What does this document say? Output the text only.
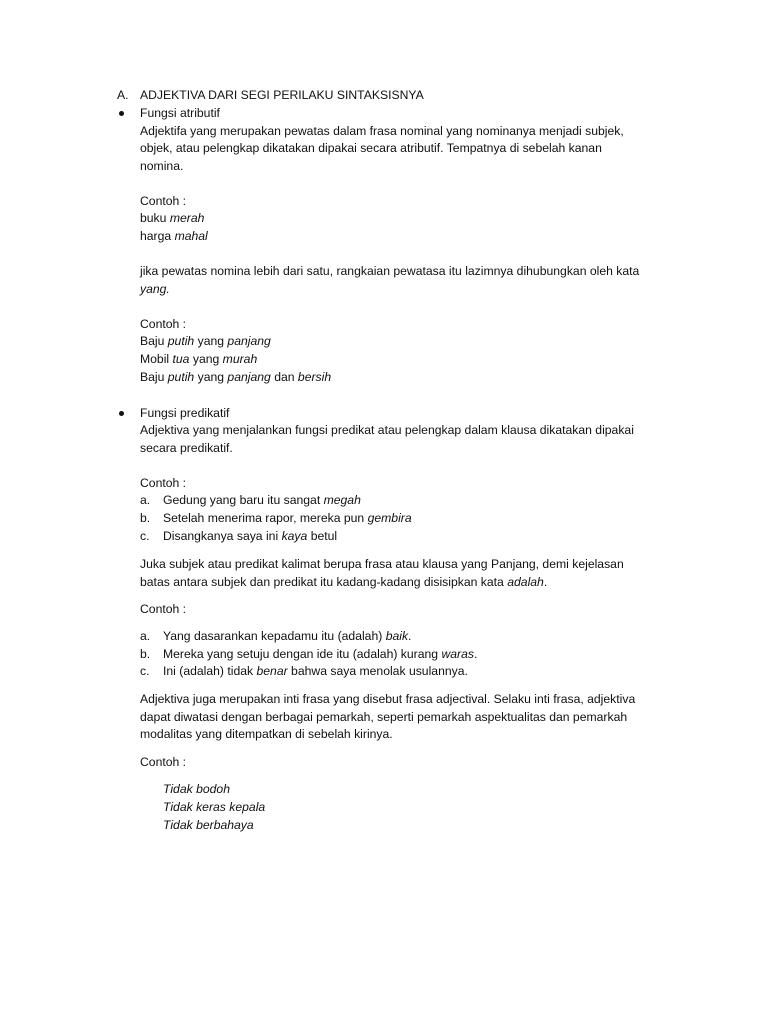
A. ADJEKTIVA DARI SEGI PERILAKU SINTAKSISNYA
Fungsi atributif
Adjektifa yang merupakan pewatas dalam frasa nominal yang nominanya menjadi subjek,
objek, atau pelengkap dikatakan dipakai secara atributif. Tempatnya di sebelah kanan
nomina.
Contoh :
buku merah
harga mahal
jika pewatas nomina lebih dari satu, rangkaian pewatasa itu lazimnya dihubungkan oleh kata
yang.
Contoh :
Baju putih yang panjang
Mobil tua yang murah
Baju putih yang panjang dan bersih
Fungsi predikatif
Adjektiva yang menjalankan fungsi predikat atau pelengkap dalam klausa dikatakan dipakai
secara predikatif.
Contoh :
a. Gedung yang baru itu sangat megah
b. Setelah menerima rapor, mereka pun gembira
c. Disangkanya saya ini kaya betul
Juka subjek atau predikat kalimat berupa frasa atau klausa yang Panjang, demi kejelasan
batas antara subjek dan predikat itu kadang-kadang disisipkan kata adalah.
Contoh :
a. Yang dasarankan kepadamu itu (adalah) baik.
b. Mereka yang setuju dengan ide itu (adalah) kurang waras.
c. Ini (adalah) tidak benar bahwa saya menolak usulannya.
Adjektiva juga merupakan inti frasa yang disebut frasa adjectival. Selaku inti frasa, adjektiva
dapat diwatasi dengan berbagai pemarkah, seperti pemarkah aspektualitas dan pemarkah
modalitas yang ditempatkan di sebelah kirinya.
Contoh :
Tidak bodoh
Tidak keras kepala
Tidak berbahaya
